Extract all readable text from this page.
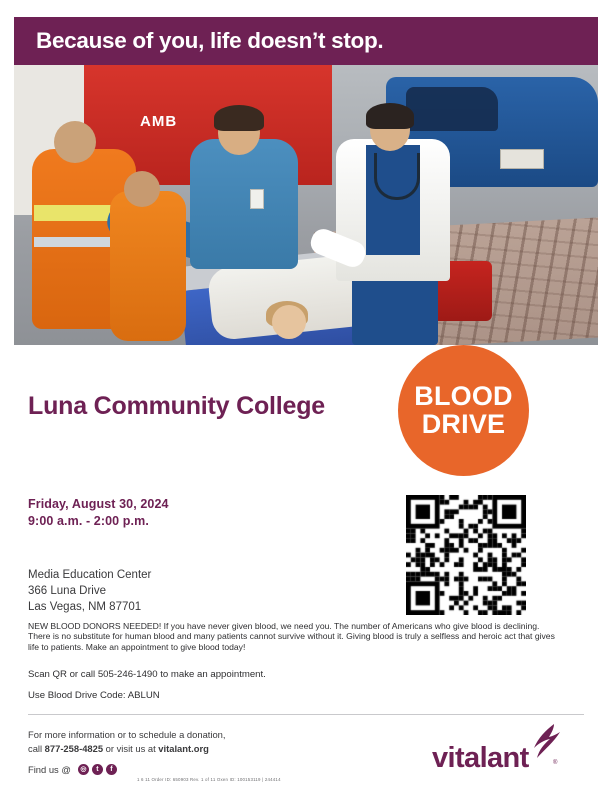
Because of you, life doesn’t stop.
AMB
BLOOD
DRIVE
Luna Community College
Friday, August 30, 2024
9:00 a.m. - 2:00 p.m.
Media Education Center
366 Luna Drive
Las Vegas, NM 87701
NEW BLOOD DONORS NEEDED! If you have never given blood, we need you. The number of Americans who give blood is declining. There is no substitute for human blood and many patients cannot survive without it. Giving blood is truly a selfless and heroic act that gives life to patients. Make an appointment to give blood today!
Scan QR or call 505-246-1490 to make an appointment.
Use Blood Drive Code: ABLUN
For more information or to schedule a donation,
call 877-258-4825 or visit us at vitalant.org
Find us @	◎	t	f	vitalant	®
1 6 11 Order ID: 650903 Rev. 1 of 11 Oxen ID: 100153119 | 244414
